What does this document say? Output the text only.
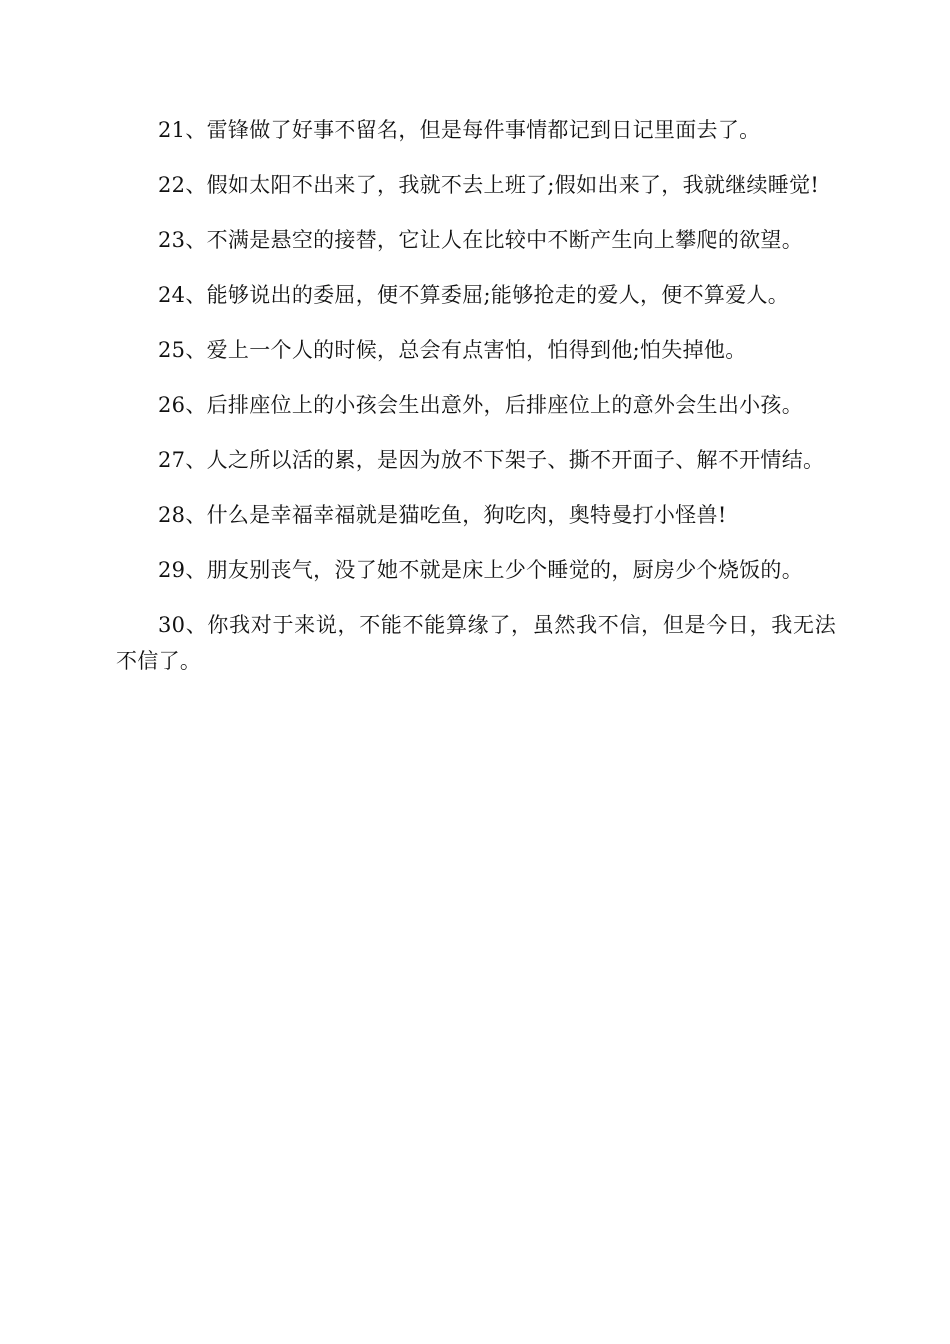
21、雷锋做了好事不留名，但是每件事情都记到日记里面去了。

22、假如太阳不出来了，我就不去上班了;假如出来了，我就继续睡觉!

23、不满是悬空的接替，它让人在比较中不断产生向上攀爬的欲望。

24、能够说出的委屈，便不算委屈;能够抢走的爱人，便不算爱人。

25、爱上一个人的时候，总会有点害怕，怕得到他;怕失掉他。

26、后排座位上的小孩会生出意外，后排座位上的意外会生出小孩。

27、人之所以活的累，是因为放不下架子、撕不开面子、解不开情结。

28、什么是幸福幸福就是猫吃鱼，狗吃肉，奥特曼打小怪兽!

29、朋友别丧气，没了她不就是床上少个睡觉的，厨房少个烧饭的。

30、你我对于来说，不能不能算缘了，虽然我不信，但是今日，我无法不信了。
